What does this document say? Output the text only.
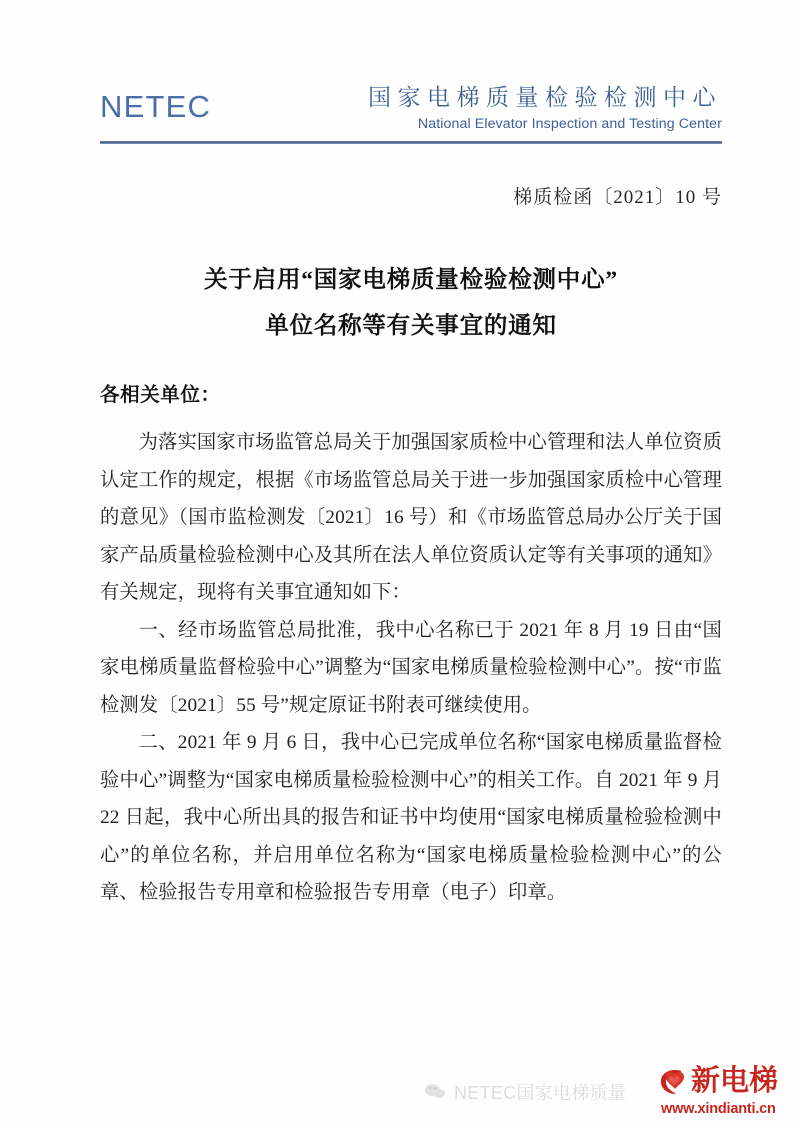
NETEC	国家电梯质量检验检测中心
National Elevator Inspection and Testing Center
梯质检函〔2021〕10 号
关于启用“国家电梯质量检验检测中心”
单位名称等有关事宜的通知
各相关单位：

为落实国家市场监管总局关于加强国家质检中心管理和法人单位资质认定工作的规定，根据《市场监管总局关于进一步加强国家质检中心管理的意见》（国市监检测发〔2021〕16 号）和《市场监管总局办公厅关于国家产品质量检验检测中心及其所在法人单位资质认定等有关事项的通知》有关规定，现将有关事宜通知如下：

一、经市场监管总局批准，我中心名称已于 2021 年 8 月 19 日由“国家电梯质量监督检验中心”调整为“国家电梯质量检验检测中心”。按“市监检测发〔2021〕55 号”规定原证书附表可继续使用。

二、2021 年 9 月 6 日，我中心已完成单位名称“国家电梯质量监督检验中心”调整为“国家电梯质量检验检测中心”的相关工作。自 2021 年 9 月 22 日起，我中心所出具的报告和证书中均使用“国家电梯质量检验检测中心”的单位名称，并启用单位名称为“国家电梯质量检验检测中心”的公章、检验报告专用章和检验报告专用章（电子）印章。

NETEC国家电梯质量 新电梯
www.xindianti.cn
